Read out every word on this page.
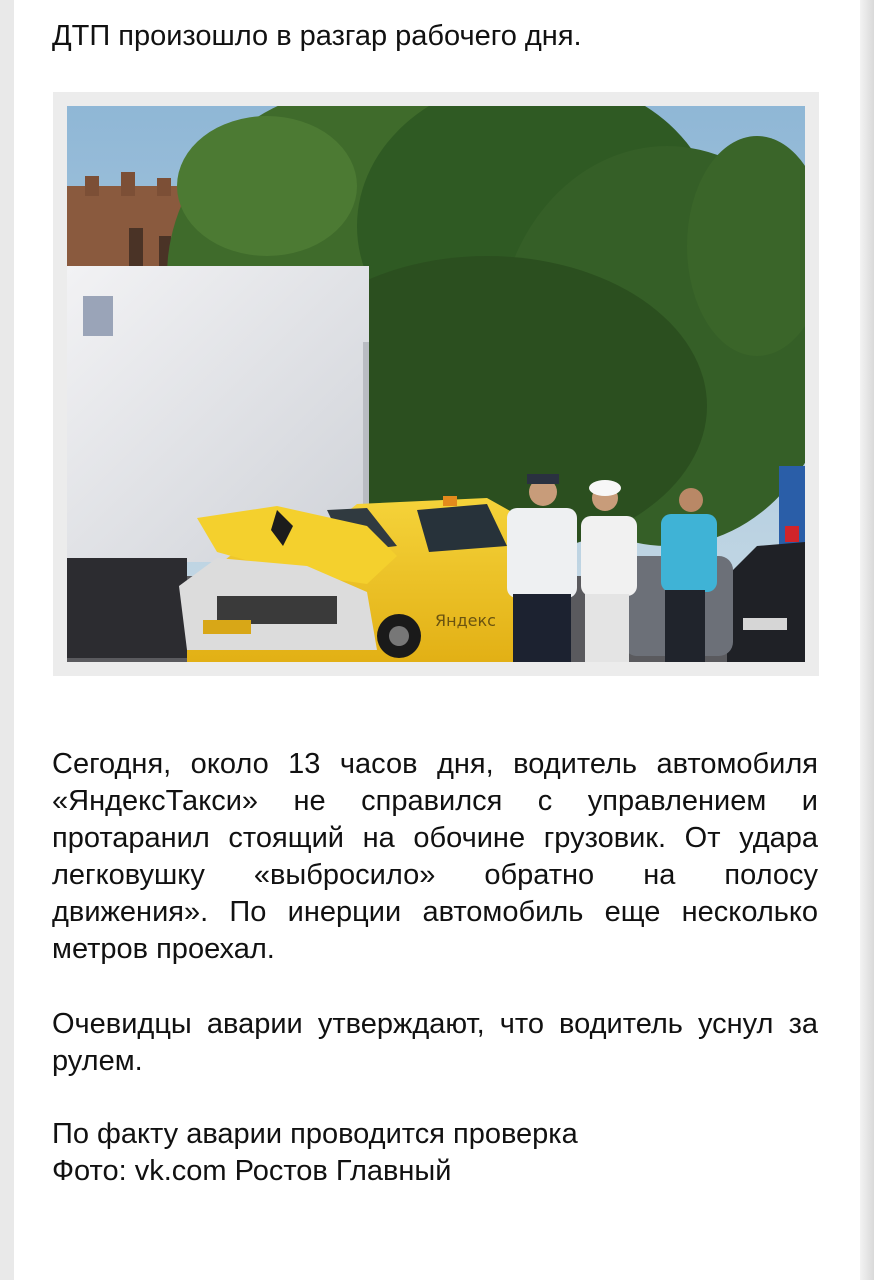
ДТП произошло в разгар рабочего дня.

Яндекс

Сегодня, около 13 часов дня, водитель автомобиля «ЯндексТакси» не справился с управлением и протаранил стоящий на обочине грузовик. От удара легковушку «выбросило» обратно на полосу движения». По инерции автомобиль еще несколько метров проехал.

Очевидцы аварии утверждают, что водитель уснул за рулем.

По факту аварии проводится проверка
Фото: vk.com Ростов Главный
